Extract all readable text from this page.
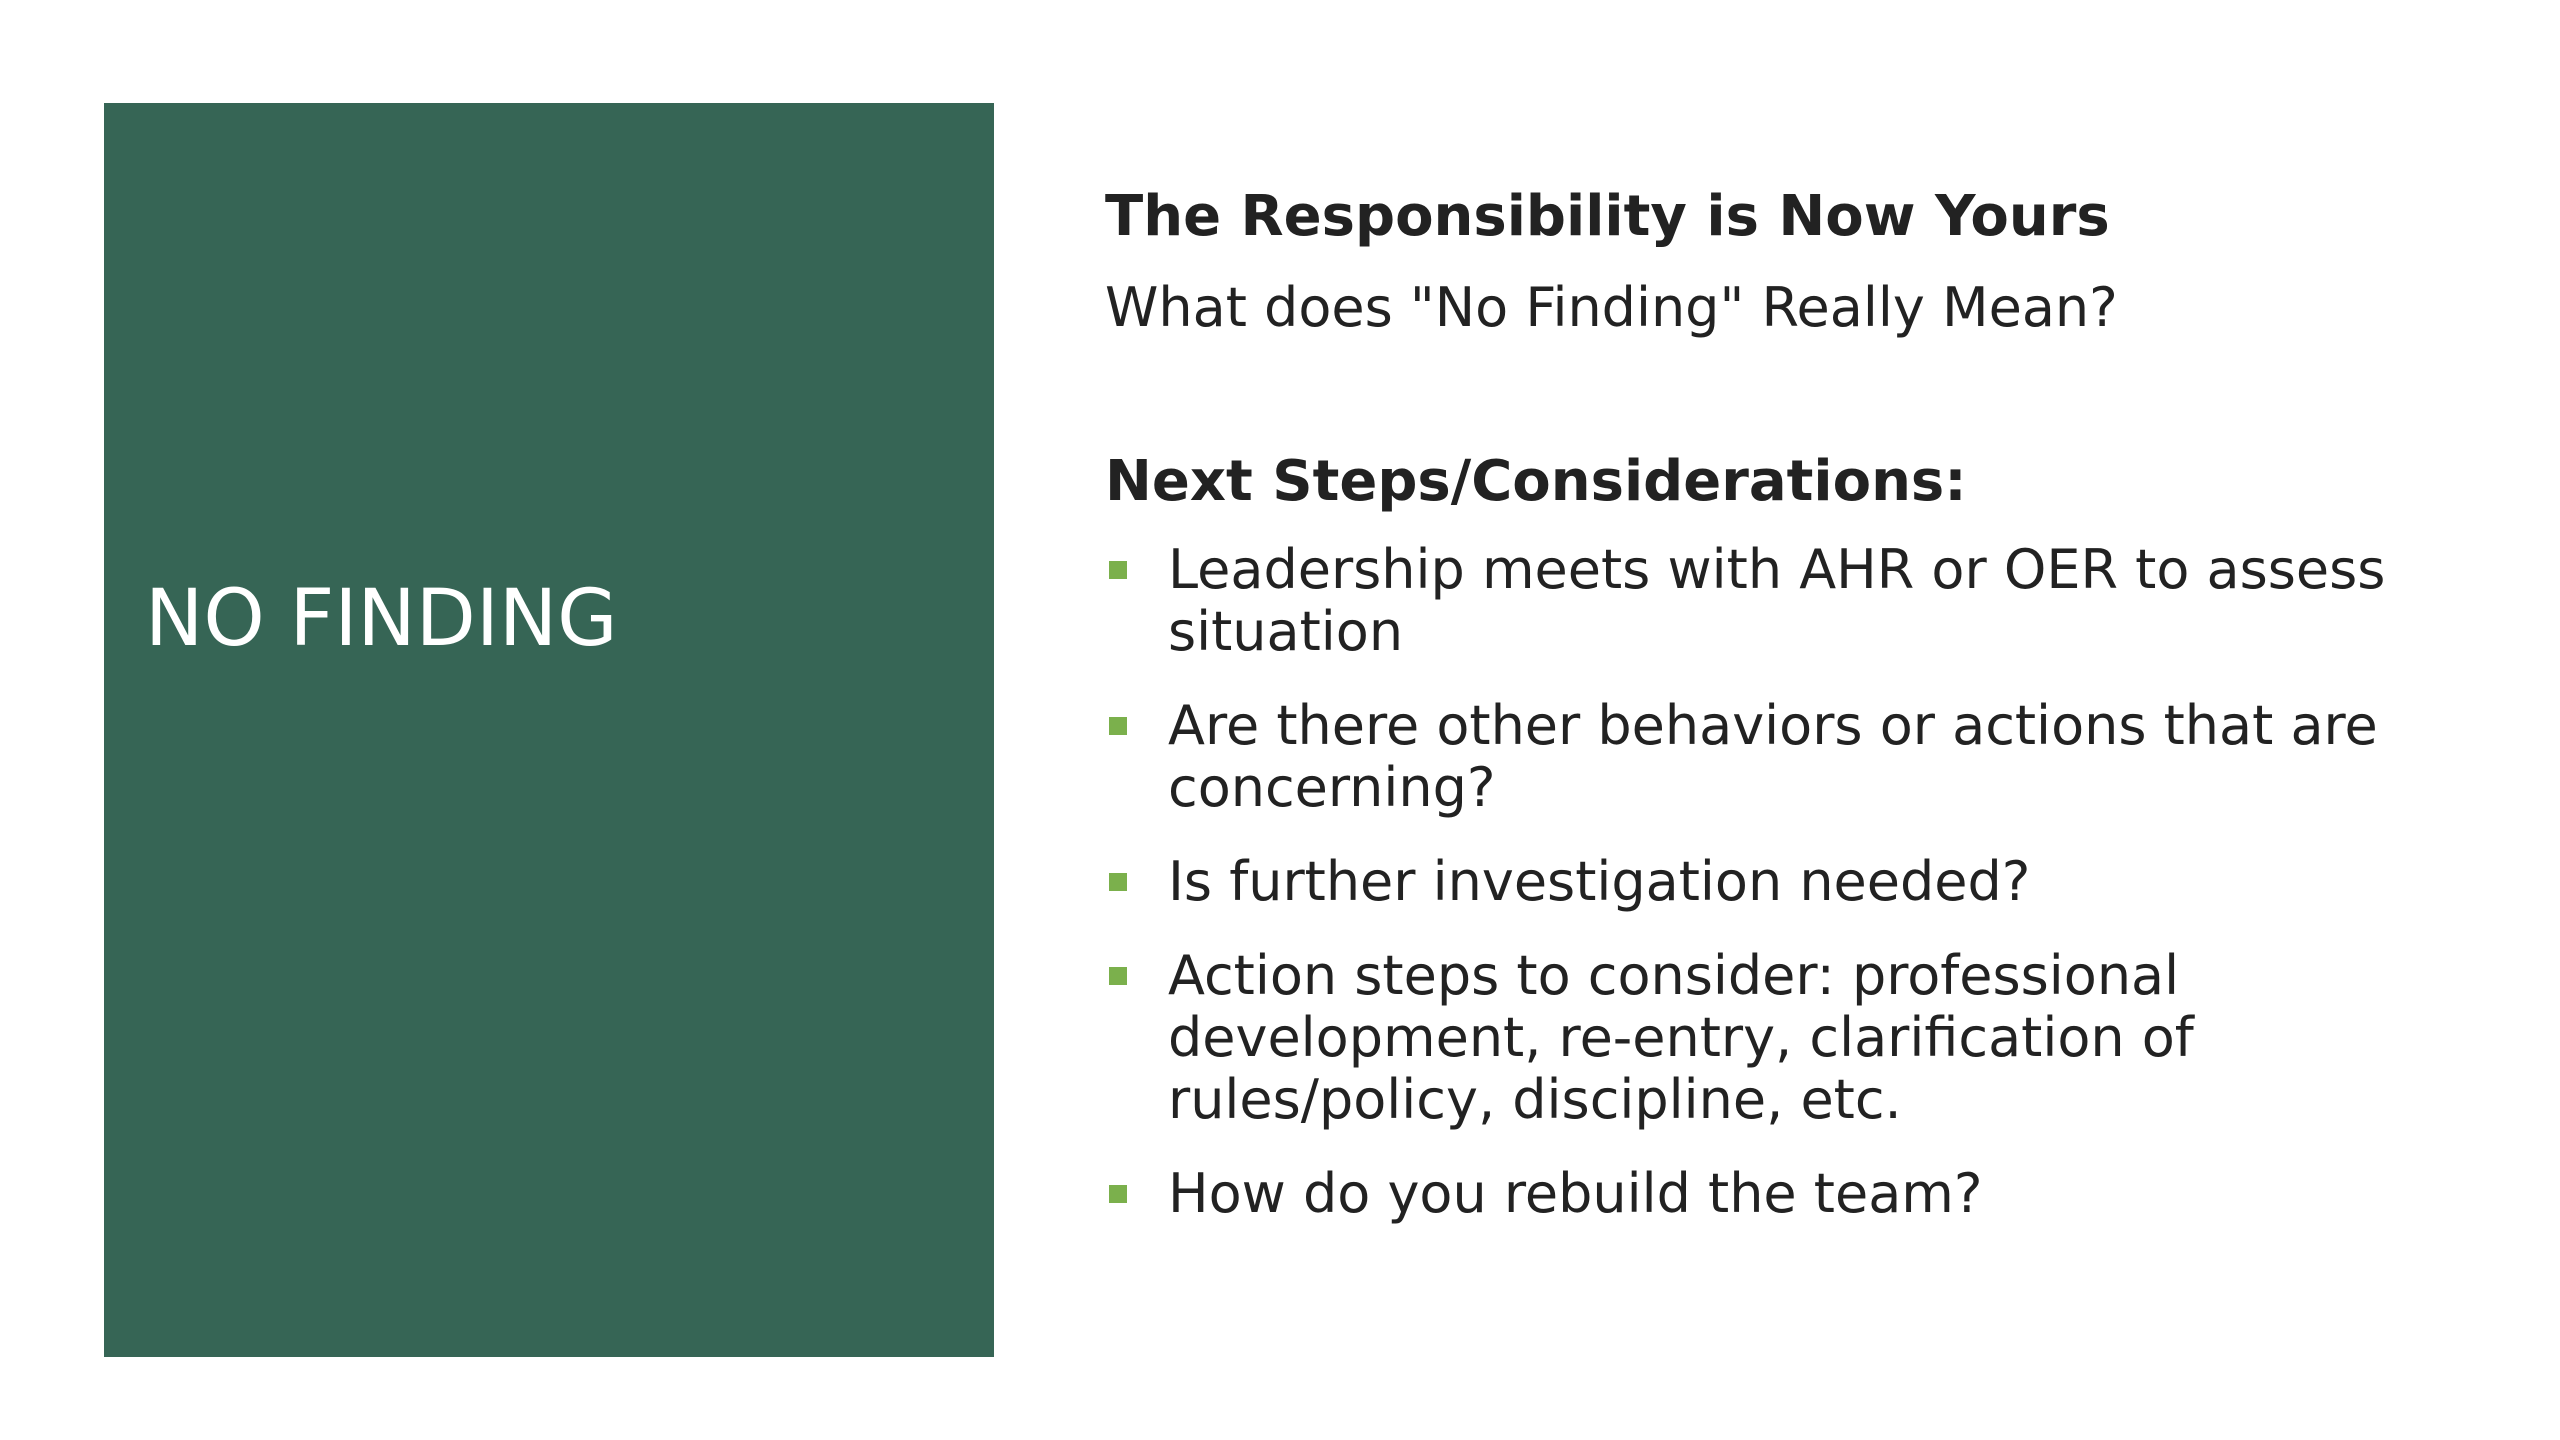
NO FINDING
The Responsibility is Now Yours
What does "No Finding" Really Mean?
Next Steps/Considerations:
Leadership meets with AHR or OER to assess situation
Are there other behaviors or actions that are concerning?
Is further investigation needed?
Action steps to consider: professional development, re-entry, clarification of rules/policy, discipline, etc.
How do you rebuild the team?
